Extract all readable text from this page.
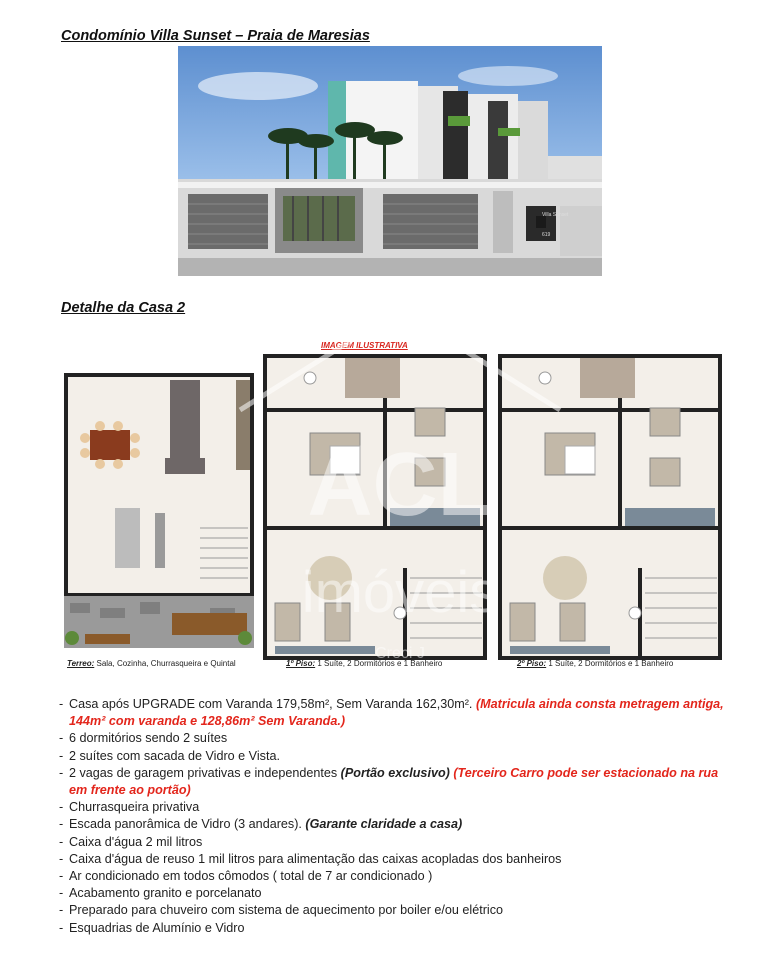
Condomínio Villa Sunset – Praia de Maresias
Villa Sunset
619
Detalhe da Casa 2
IMAGEM ILUSTRATIVA
Terreo: Sala, Cozinha, Churrasqueira e Quintal	1º Piso: 1 Suíte, 2 Dormitórios e 1 Banheiro	2º Piso: 1 Suíte, 2 Dormitórios e 1 Banheiro
ACL
imóveis
Creci J
- Casa após UPGRADE com Varanda 179,58m², Sem Varanda 162,30m². (Matricula ainda consta metragem antiga, 144m² com varanda e 128,86m² Sem Varanda.)
- 6 dormitórios sendo 2 suítes
- 2 suítes com sacada de Vidro e Vista.
- 2 vagas de garagem privativas e independentes (Portão exclusivo) (Terceiro Carro pode ser estacionado na rua em frente ao portão)
- Churrasqueira privativa
- Escada panorâmica de Vidro (3 andares). (Garante claridade a casa)
- Caixa d'água 2 mil litros
- Caixa d'água de reuso 1 mil litros para alimentação das caixas acopladas dos banheiros
- Ar condicionado em todos cômodos ( total de 7 ar condicionado )
- Acabamento granito e porcelanato
- Preparado para chuveiro com sistema de aquecimento por boiler e/ou elétrico
- Esquadrias de Alumínio e Vidro
